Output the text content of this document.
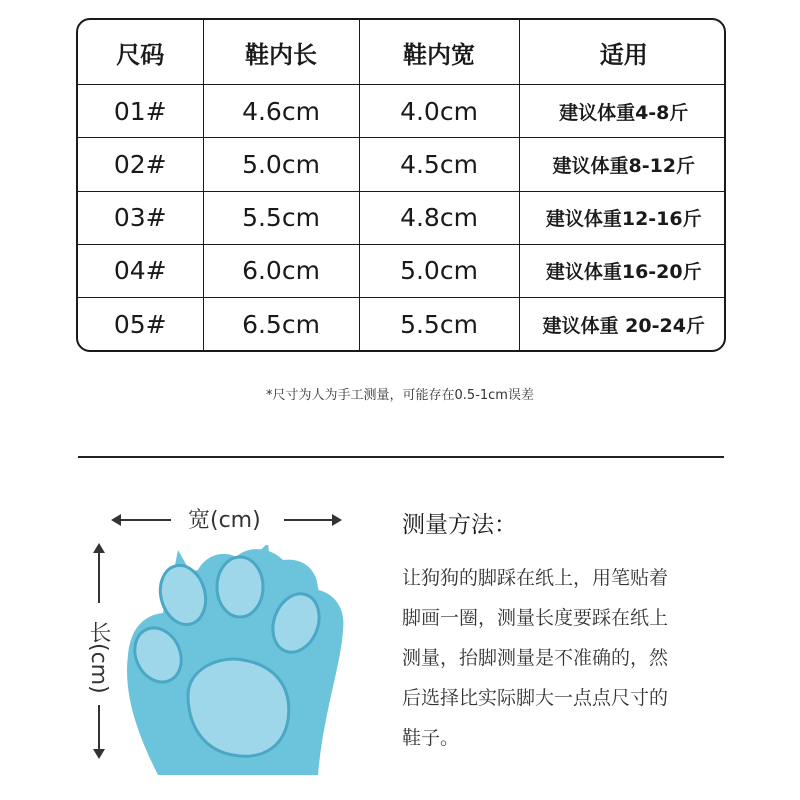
尺码	鞋内长	鞋内宽	适用
01#	4.6cm	4.0cm	建议体重4-8斤
02#	5.0cm	4.5cm	建议体重8-12斤
03#	5.5cm	4.8cm	建议体重12-16斤
04#	6.0cm	5.0cm	建议体重16-20斤
05#	6.5cm	5.5cm	建议体重 20-24斤
*尺寸为人为手工测量，可能存在0.5-1cm误差
宽(cm)
长(cm)
测量方法：
让狗狗的脚踩在纸上，用笔贴着
脚画一圈，测量长度要踩在纸上
测量，抬脚测量是不准确的，然
后选择比实际脚大一点点尺寸的
鞋子。
